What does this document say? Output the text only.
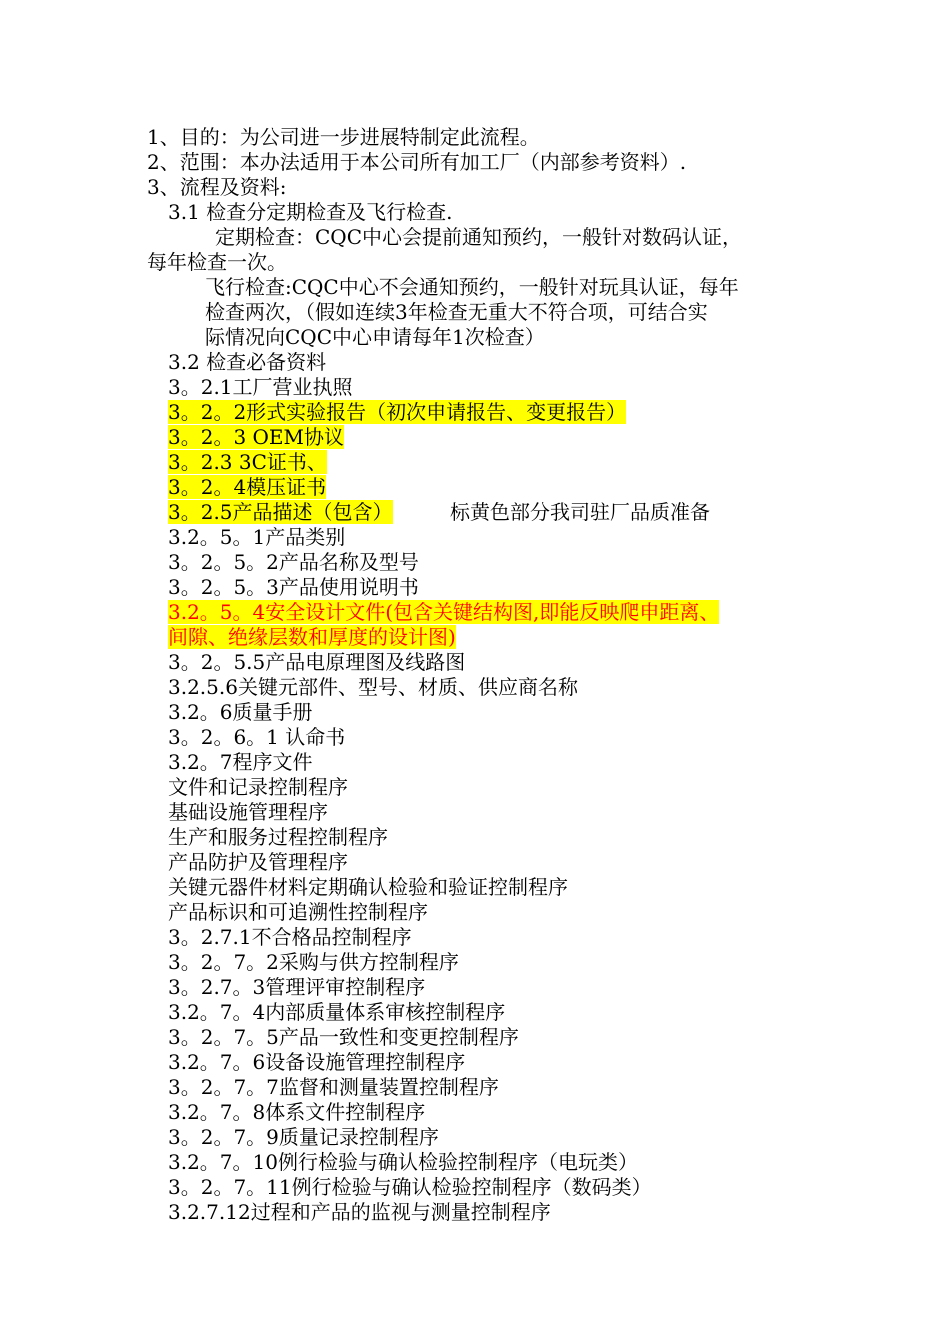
1、目的：为公司进一步进展特制定此流程。
2、范围：本办法适用于本公司所有加工厂（内部参考资料）.
3、流程及资料:
3.1 检查分定期检查及飞行检查.
定期检查：CQC中心会提前通知预约，一般针对数码认证，
每年检查一次。
飞行检查:CQC中心不会通知预约，一般针对玩具认证，每年
检查两次，（假如连续3年检查无重大不符合项，可结合实
际情况向CQC中心申请每年1次检查）
3.2 检查必备资料
3。2.1工厂营业执照
3。2。2形式实验报告（初次申请报告、变更报告）
3。2。3 OEM协议
3。2.3 3C证书、
3。2。4模压证书
3。2.5产品描述（包含）	标黄色部分我司驻厂品质准备
3.2。5。1产品类别
3。2。5。2产品名称及型号
3。2。5。3产品使用说明书
3.2。5。4安全设计文件(包含关键结构图,即能反映爬申距离、
间隙、绝缘层数和厚度的设计图)
3。2。5.5产品电原理图及线路图
3.2.5.6关键元部件、型号、材质、供应商名称
3.2。6质量手册
3。2。6。1 认命书
3.2。7程序文件
文件和记录控制程序
基础设施管理程序
生产和服务过程控制程序
产品防护及管理程序
关键元器件材料定期确认检验和验证控制程序
产品标识和可追溯性控制程序
3。2.7.1不合格品控制程序
3。2。7。2采购与供方控制程序
3。2.7。3管理评审控制程序
3.2。7。4内部质量体系审核控制程序
3。2。7。5产品一致性和变更控制程序
3.2。7。6设备设施管理控制程序
3。2。7。7监督和测量装置控制程序
3.2。7。8体系文件控制程序
3。2。7。9质量记录控制程序
3.2。7。10例行检验与确认检验控制程序（电玩类）
3。2。7。11例行检验与确认检验控制程序（数码类）
3.2.7.12过程和产品的监视与测量控制程序
